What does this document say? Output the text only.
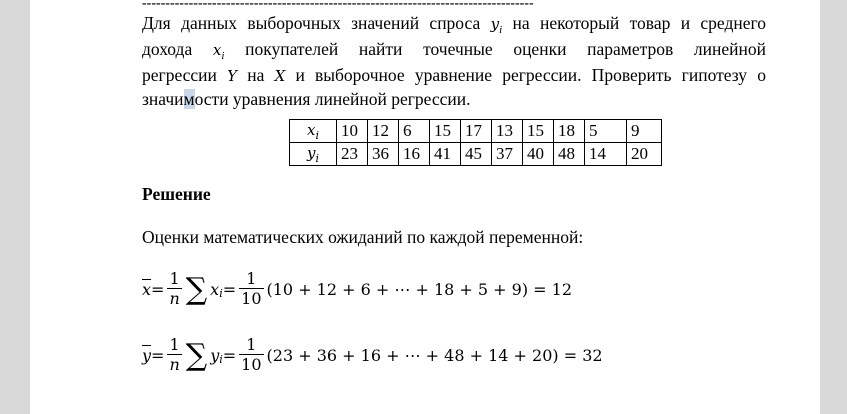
------------------------------------------------------------------------------------
Для данных выборочных значений спроса $y_i$ на некоторый товар и среднего
дохода $x_i$ покупателей найти точечные оценки параметров линейной
регрессии Y на X и выборочное уравнение регрессии. Проверить гипотезу о
значимости уравнения линейной регрессии.
$x_i$	10	12	6	15	17	13	15	18	5	9
$y_i$	23	36	16	41	45	37	40	48	14	20
Решение
Оценки математических ожиданий по каждой переменной:
$\overline{x} = \frac{1}{n}$ ∑ x $i = \frac{1}{10} (10 + 12 + 6$ + ⋯ + 18 + 5 + 9) = 12
$\overline{y} = \frac{1}{n}$ ∑ y $i = \frac{1}{10} (23 + 36 + 16$ + ⋯ + 48 + 14 + 20) = 32
